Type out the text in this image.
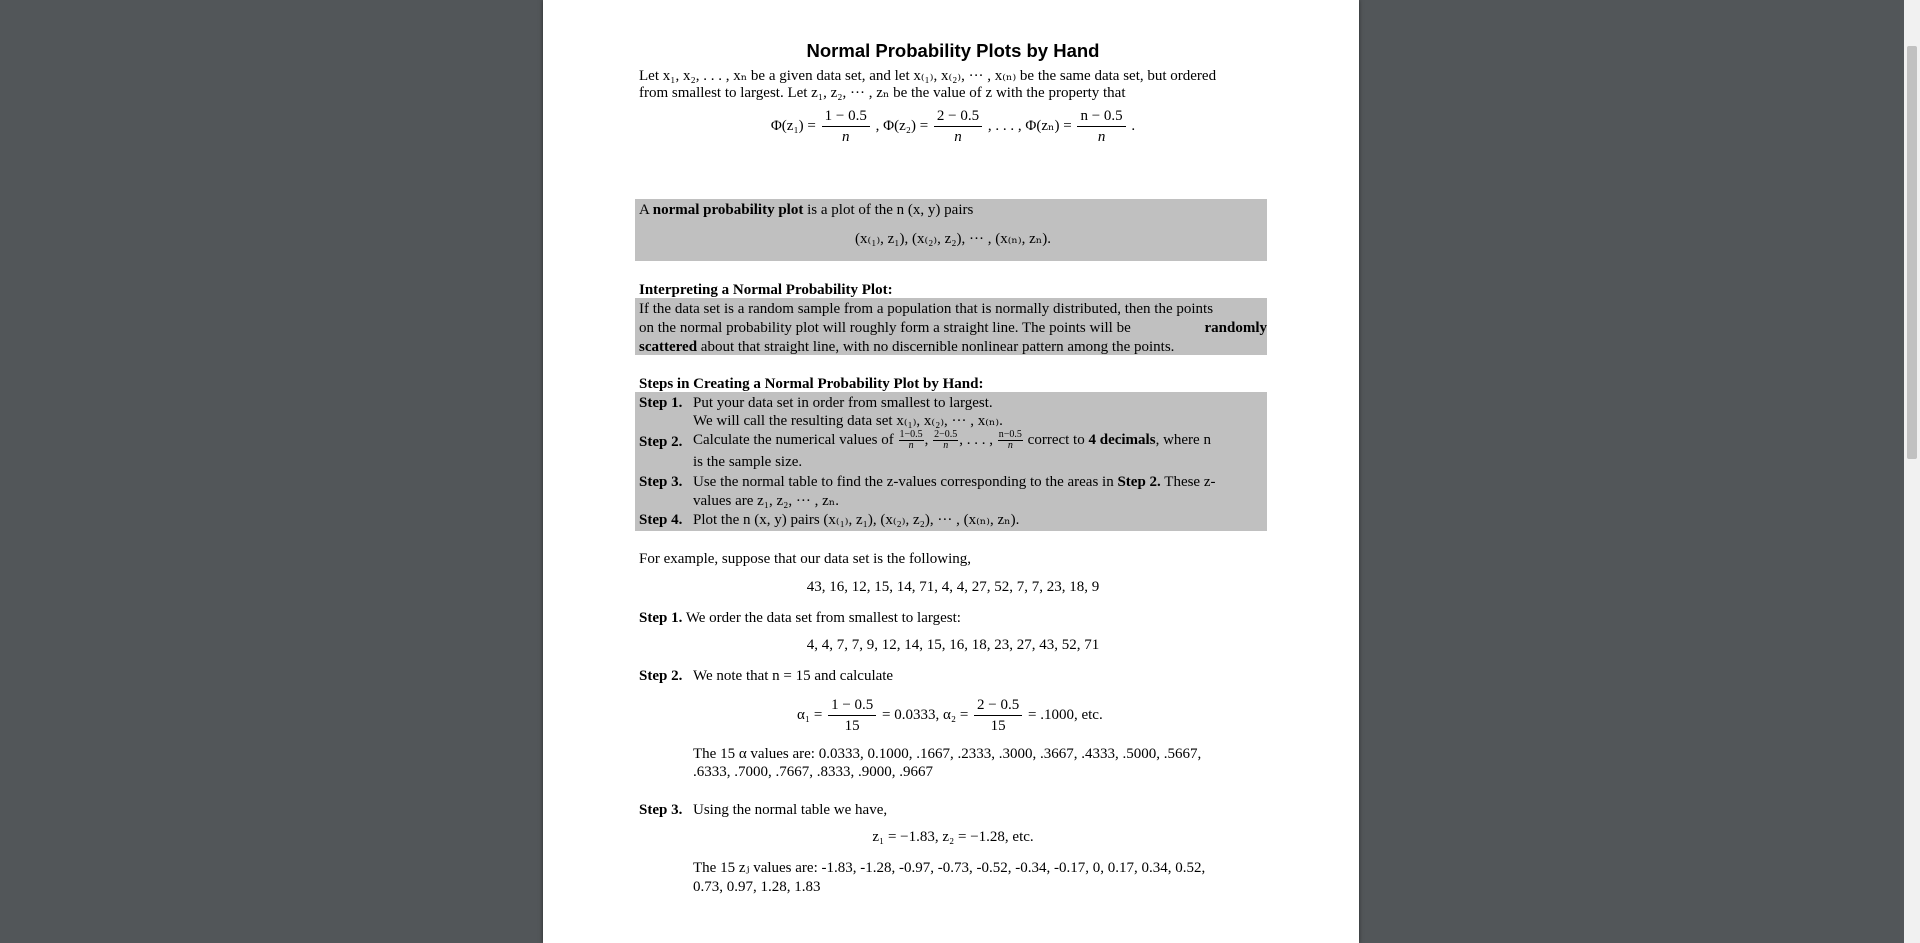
Normal Probability Plots by Hand
Let x₁, x₂, . . . , xₙ be a given data set, and let x₍₁₎, x₍₂₎, ··· , x₍ₙ₎ be the same data set, but ordered
from smallest to largest. Let z₁, z₂, ··· , zₙ be the value of z with the property that
$\Phi(z_1) = \frac{1 - 0.5}{n}$ , $\Phi(z_2) = \frac{2 - 0.5}{n}$ , . . . , $\Phi(z_n) = \frac{n - 0.5}{n}$ .
A normal probability plot is a plot of the n (x, y) pairs
(x₍₁₎, z₁), (x₍₂₎, z₂), ··· , (x₍ₙ₎, zₙ).
Interpreting a Normal Probability Plot:
If the data set is a random sample from a population that is normally distributed, then the points
on the normal probability plot will roughly form a straight line. The points will be	randomly
scattered about that straight line, with no discernible nonlinear pattern among the points.
Steps in Creating a Normal Probability Plot by Hand:
Step 1. Put your data set in order from smallest to largest.
We will call the resulting data set x₍₁₎, x₍₂₎, ··· , x₍ₙ₎.
Step 2. Calculate the numerical values of $\frac{1-0.5}{n}$ , $\frac{2-0.5}{n}$ , . . . , $\frac{n-0.5}{n}$ correct to 4 decimals, where n
is the sample size.
Step 3. Use the normal table to find the z-values corresponding to the areas in Step 2. These z-
values are z₁, z₂, ··· , zₙ.
Step 4. Plot the n (x, y) pairs (x₍₁₎, z₁), (x₍₂₎, z₂), ··· , (x₍ₙ₎, zₙ).
For example, suppose that our data set is the following,
43, 16, 12, 15, 14, 71, 4, 4, 27, 52, 7, 7, 23, 18, 9
Step 1. We order the data set from smallest to largest:
4, 4, 7, 7, 9, 12, 14, 15, 16, 18, 23, 27, 43, 52, 71
Step 2. We note that n = 15 and calculate
$\alpha_1 = \frac{1 - 0.5}{15} = 0.0333$, $\alpha_2 = \frac{2 - 0.5}{15} = .1000$, etc.
The 15 α values are: 0.0333, 0.1000, .1667, .2333, .3000, .3667, .4333, .5000, .5667,
.6333, .7000, .7667, .8333, .9000, .9667
Step 3. Using the normal table we have,
z₁ = −1.83, z₂ = −1.28, etc.
The 15 zⱼ values are: -1.83, -1.28, -0.97, -0.73, -0.52, -0.34, -0.17, 0, 0.17, 0.34, 0.52,
0.73, 0.97, 1.28, 1.83
